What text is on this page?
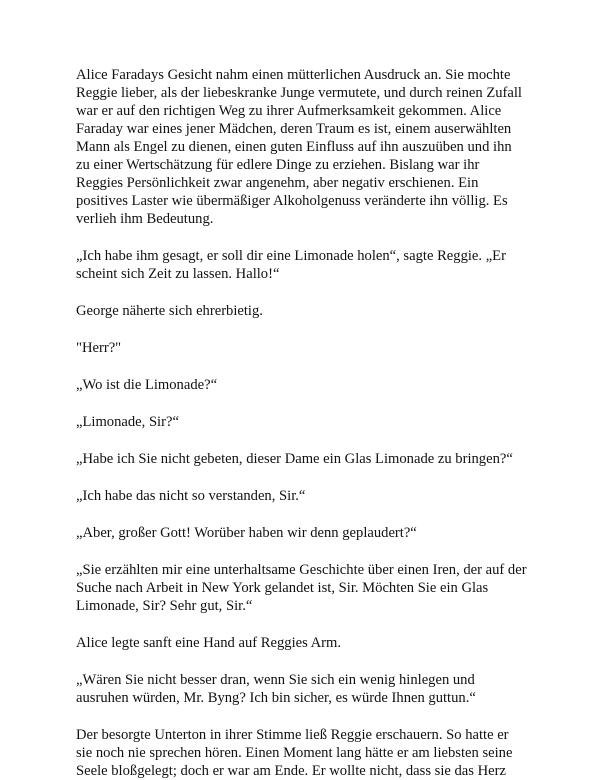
Alice Faradays Gesicht nahm einen mütterlichen Ausdruck an. Sie mochte Reggie lieber, als der liebeskranke Junge vermutete, und durch reinen Zufall war er auf den richtigen Weg zu ihrer Aufmerksamkeit gekommen. Alice Faraday war eines jener Mädchen, deren Traum es ist, einem auserwählten Mann als Engel zu dienen, einen guten Einfluss auf ihn auszuüben und ihn zu einer Wertschätzung für edlere Dinge zu erziehen. Bislang war ihr Reggies Persönlichkeit zwar angenehm, aber negativ erschienen. Ein positives Laster wie übermäßiger Alkoholgenuss veränderte ihn völlig. Es verlieh ihm Bedeutung.

„Ich habe ihm gesagt, er soll dir eine Limonade holen“, sagte Reggie. „Er scheint sich Zeit zu lassen. Hallo!“

George näherte sich ehrerbietig.

"Herr?"

„Wo ist die Limonade?“

„Limonade, Sir?“

„Habe ich Sie nicht gebeten, dieser Dame ein Glas Limonade zu bringen?“

„Ich habe das nicht so verstanden, Sir.“

„Aber, großer Gott! Worüber haben wir denn geplaudert?“

„Sie erzählten mir eine unterhaltsame Geschichte über einen Iren, der auf der Suche nach Arbeit in New York gelandet ist, Sir. Möchten Sie ein Glas Limonade, Sir? Sehr gut, Sir.“

Alice legte sanft eine Hand auf Reggies Arm.

„Wären Sie nicht besser dran, wenn Sie sich ein wenig hinlegen und ausruhen würden, Mr. Byng? Ich bin sicher, es würde Ihnen guttun.“

Der besorgte Unterton in ihrer Stimme ließ Reggie erschauern. So hatte er sie noch nie sprechen hören. Einen Moment lang hätte er am liebsten seine Seele bloßgelegt; doch er war am Ende. Er wollte nicht, dass sie das Herz
